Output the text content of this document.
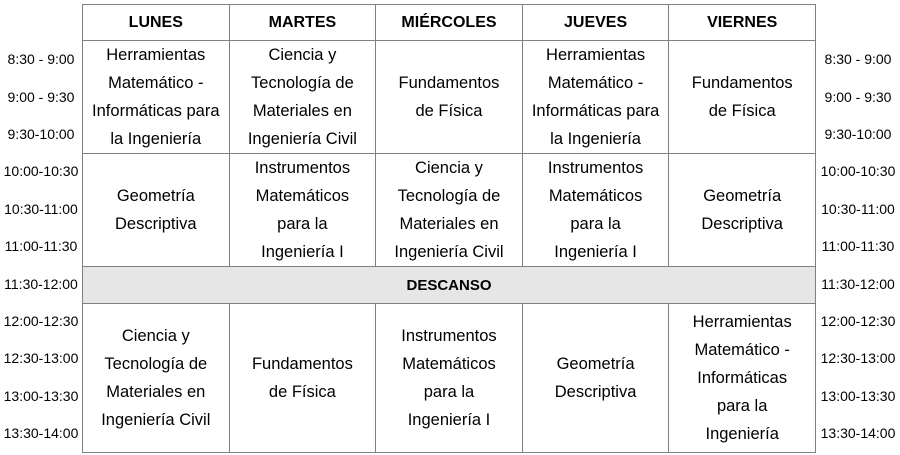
8:30 - 9:00
9:00 - 9:30
9:30-10:00
10:00-10:30
10:30-11:00
11:00-11:30
11:30-12:00
12:00-12:30
12:30-13:00
13:00-13:30
13:30-14:00
8:30 - 9:00
9:00 - 9:30
9:30-10:00
10:00-10:30
10:30-11:00
11:00-11:30
11:30-12:00
12:00-12:30
12:30-13:00
13:00-13:30
13:30-14:00
LUNES	MARTES	MIÉRCOLES	JUEVES	VIERNES

Herramientas
Matemático -
Informáticas para
la Ingeniería	Ciencia y
Tecnología de
Materiales en
Ingeniería Civil	Fundamentos
de Física	Herramientas
Matemático -
Informáticas para
la Ingeniería	Fundamentos
de Física

Geometría
Descriptiva	Instrumentos
Matemáticos
para la
Ingeniería I	Ciencia y
Tecnología de
Materiales en
Ingeniería Civil	Instrumentos
Matemáticos
para la
Ingeniería I	Geometría
Descriptiva

DESCANSO				

Ciencia y
Tecnología de
Materiales en
Ingeniería Civil	Fundamentos
de Física	Instrumentos
Matemáticos
para la
Ingeniería I	Geometría
Descriptiva	Herramientas
Matemático -
Informáticas
para la
Ingeniería
